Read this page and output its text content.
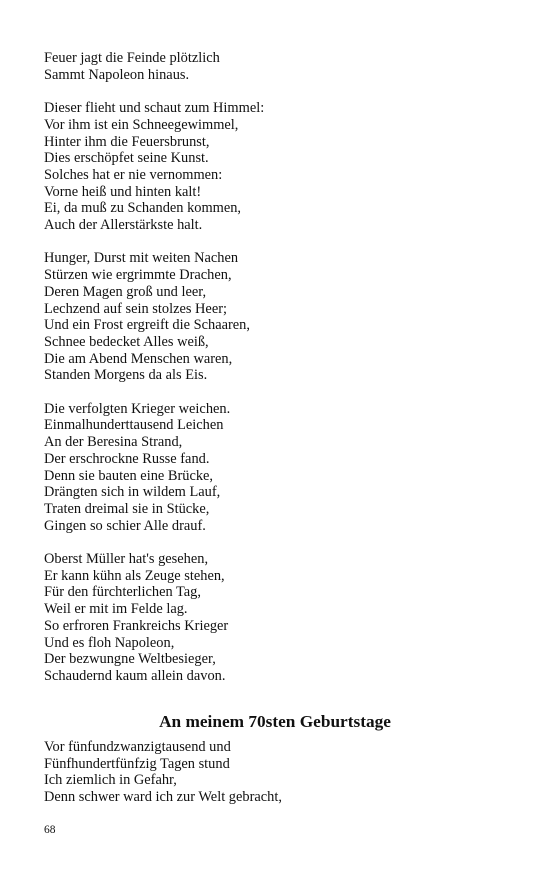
Feuer jagt die Feinde plötzlich
Sammt Napoleon hinaus.
Dieser flieht und schaut zum Himmel:
Vor ihm ist ein Schneegewimmel,
Hinter ihm die Feuersbrunst,
Dies erschöpfet seine Kunst.
Solches hat er nie vernommen:
Vorne heiß und hinten kalt!
Ei, da muß zu Schanden kommen,
Auch der Allerstärkste halt.
Hunger, Durst mit weiten Nachen
Stürzen wie ergrimmte Drachen,
Deren Magen groß und leer,
Lechzend auf sein stolzes Heer;
Und ein Frost ergreift die Schaaren,
Schnee bedecket Alles weiß,
Die am Abend Menschen waren,
Standen Morgens da als Eis.
Die verfolgten Krieger weichen.
Einmalhunderttausend Leichen
An der Beresina Strand,
Der erschrockne Russe fand.
Denn sie bauten eine Brücke,
Drängten sich in wildem Lauf,
Traten dreimal sie in Stücke,
Gingen so schier Alle drauf.
Oberst Müller hat's gesehen,
Er kann kühn als Zeuge stehen,
Für den fürchterlichen Tag,
Weil er mit im Felde lag.
So erfroren Frankreichs Krieger
Und es floh Napoleon,
Der bezwungne Weltbesieger,
Schaudernd kaum allein davon.
An meinem 70sten Geburtstage
Vor fünfundzwanzigtausend und
Fünfhundertfünfzig Tagen stund
Ich ziemlich in Gefahr,
Denn schwer ward ich zur Welt gebracht,
68
